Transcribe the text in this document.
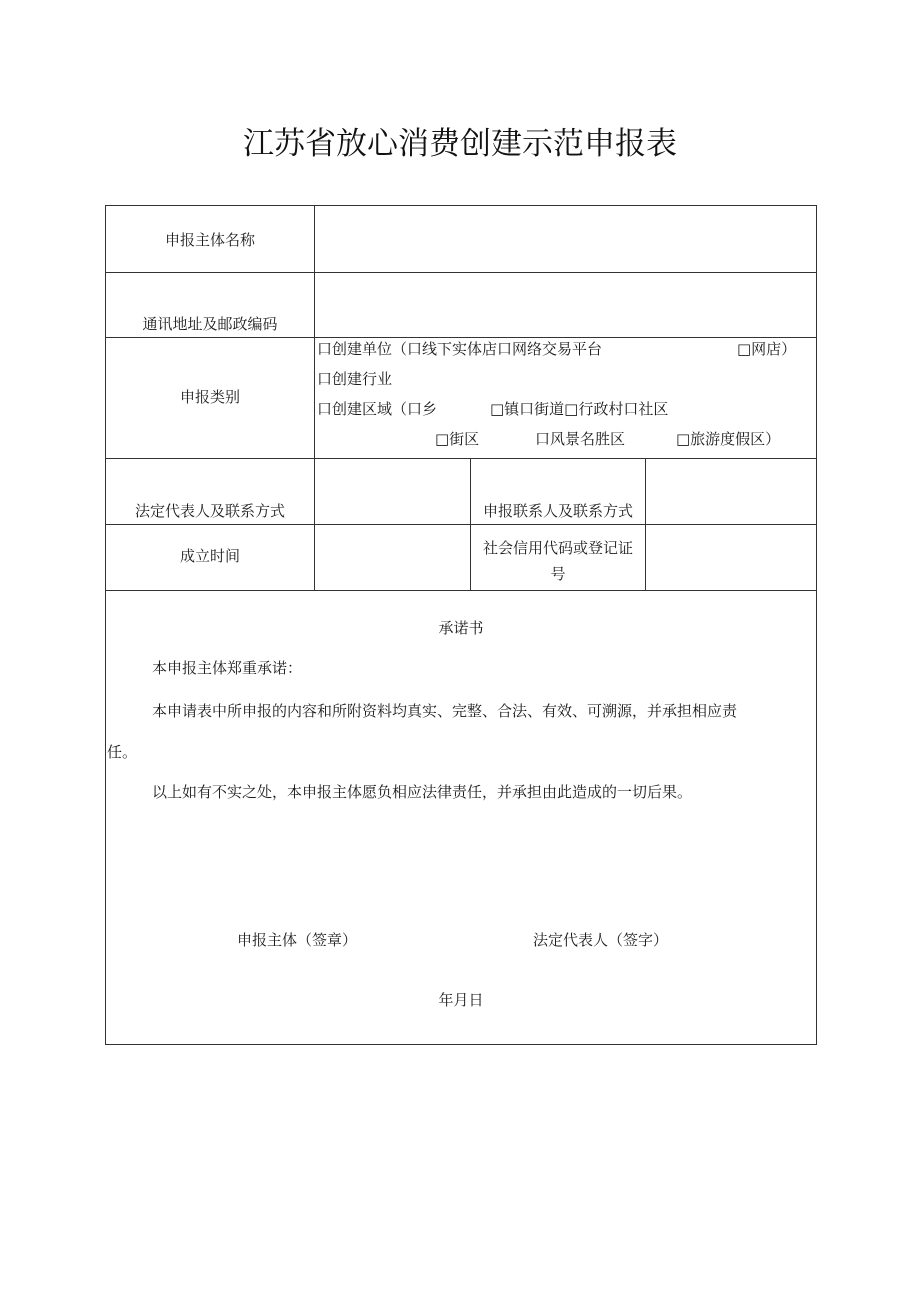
江苏省放心消费创建示范申报表
申报主体名称
通讯地址及邮政编码
申报类别
口创建单位（口线下实体店口网络交易平台	□网店）
口创建行业
口创建区域（口乡	□镇口街道□行政村口社区
□街区	口风景名胜区	□旅游度假区）
法定代表人及联系方式	申报联系人及联系方式
成立时间	社会信用代码或登记证
号
承诺书
本申报主体郑重承诺：
本申请表中所申报的内容和所附资料均真实、完整、合法、有效、可溯源，并承担相应责
任。
以上如有不实之处，本申报主体愿负相应法律责任，并承担由此造成的一切后果。
申报主体（签章）	法定代表人（签字）
年月日
